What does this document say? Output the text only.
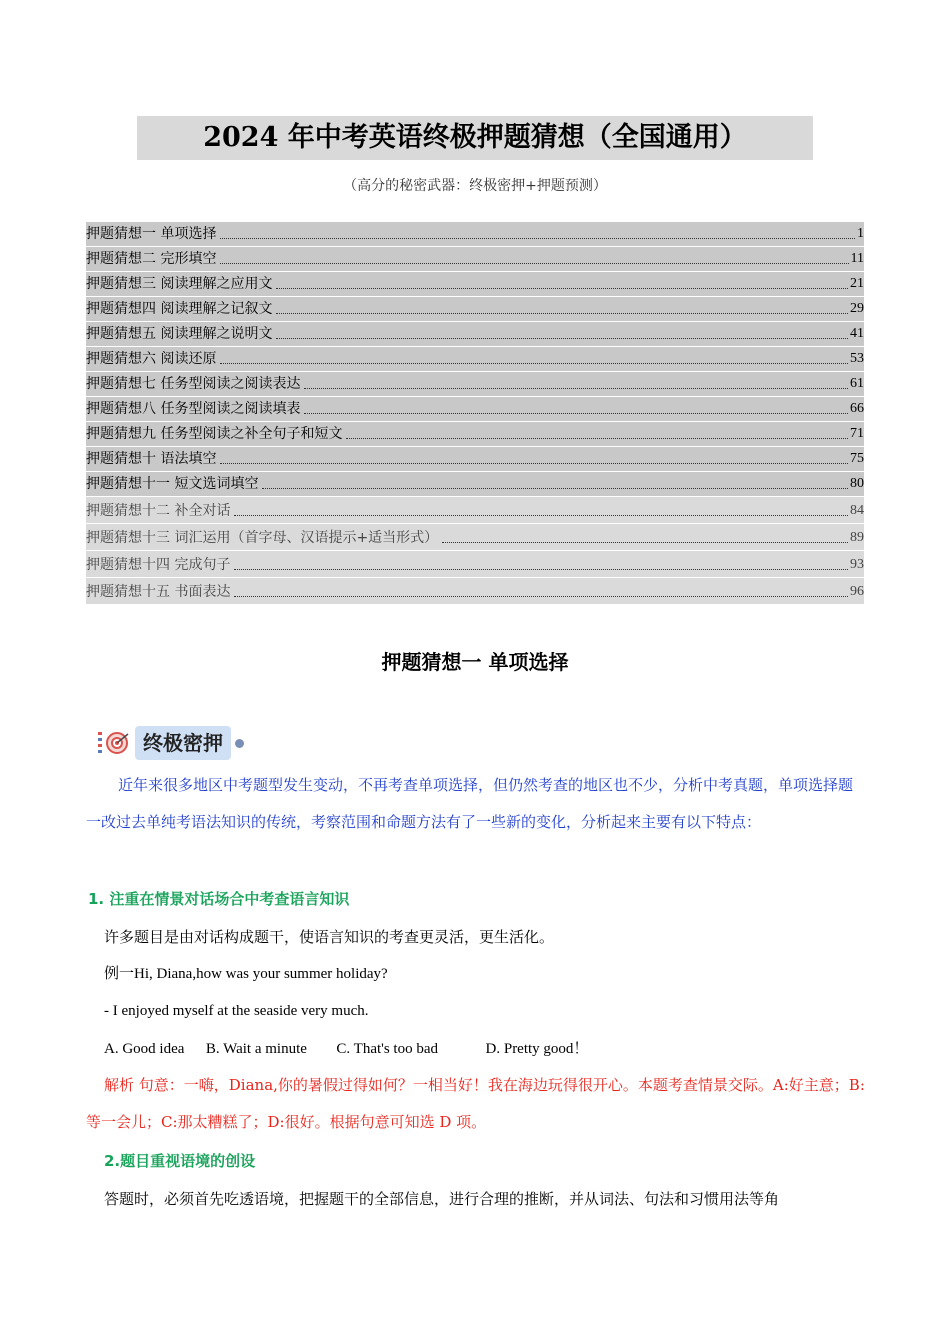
2024 年中考英语终极押题猜想（全国通用）
（高分的秘密武器：终极密押+押题预测）
押题猜想一 单项选择	1
押题猜想二 完形填空	11
押题猜想三 阅读理解之应用文	21
押题猜想四 阅读理解之记叙文	29
押题猜想五 阅读理解之说明文	41
押题猜想六 阅读还原	53
押题猜想七 任务型阅读之阅读表达	61
押题猜想八 任务型阅读之阅读填表	66
押题猜想九 任务型阅读之补全句子和短文	71
押题猜想十 语法填空	75
押题猜想十一 短文选词填空	80
押题猜想十二 补全对话	84
押题猜想十三 词汇运用（首字母、汉语提示+适当形式）	89
押题猜想十四 完成句子	93
押题猜想十五 书面表达	96
押题猜想一 单项选择
终极密押
近年来很多地区中考题型发生变动，不再考查单项选择，但仍然考查的地区也不少，分析中考真题，单项选择题一改过去单纯考语法知识的传统，考察范围和命题方法有了一些新的变化，分析起来主要有以下特点：
1. 注重在情景对话场合中考查语言知识
许多题目是由对话构成题干，使语言知识的考查更灵活，更生活化。
例一Hi, Diana,how was your summer holiday?
- I enjoyed myself at the seaside very much.
A. Good idea B. Wait a minute C. That's too bad	D. Pretty good！
解析 句意：一嗨，Diana,你的暑假过得如何？一相当好！我在海边玩得很开心。本题考查情景交际。A:好主意；B:等一会儿；C:那太糟糕了；D:很好。根据句意可知选 D 项。
2.题目重视语境的创设
答题时，必须首先吃透语境，把握题干的全部信息，进行合理的推断，并从词法、句法和习惯用法等角
